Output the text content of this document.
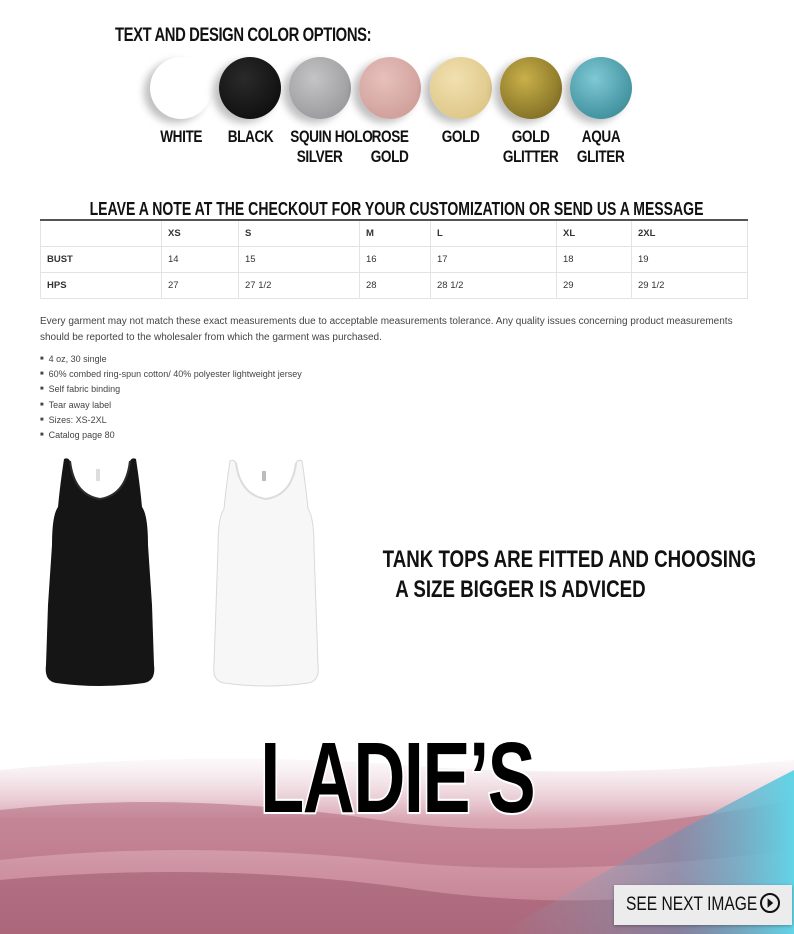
TEXT AND DESIGN COLOR OPTIONS:
WHITE	BLACK	SQUIN HOLO
SILVER
ROSE
GOLD
GOLD	GOLD
GLITTER
AQUA
GLITER
LEAVE A NOTE AT THE CHECKOUT FOR YOUR CUSTOMIZATION OR SEND US A MESSAGE
	XS	S	M	L	XL	2XL
BUST	14	15	16	17	18	19
HPS	27	27 1/2	28	28 1/2	29	29 1/2
Every garment may not match these exact measurements due to acceptable measurements tolerance. Any quality issues concerning product measurements should be reported to the wholesaler from which the garment was purchased.
■ 4 oz, 30 single
■ 60% combed ring-spun cotton/ 40% polyester lightweight jersey
■ Self fabric binding
■ Tear away label
■ Sizes: XS-2XL
■ Catalog page 80
TANK TOPS ARE FITTED AND CHOOSING
A SIZE BIGGER IS ADVICED
LADIE’S
SEE NEXT IMAGE
